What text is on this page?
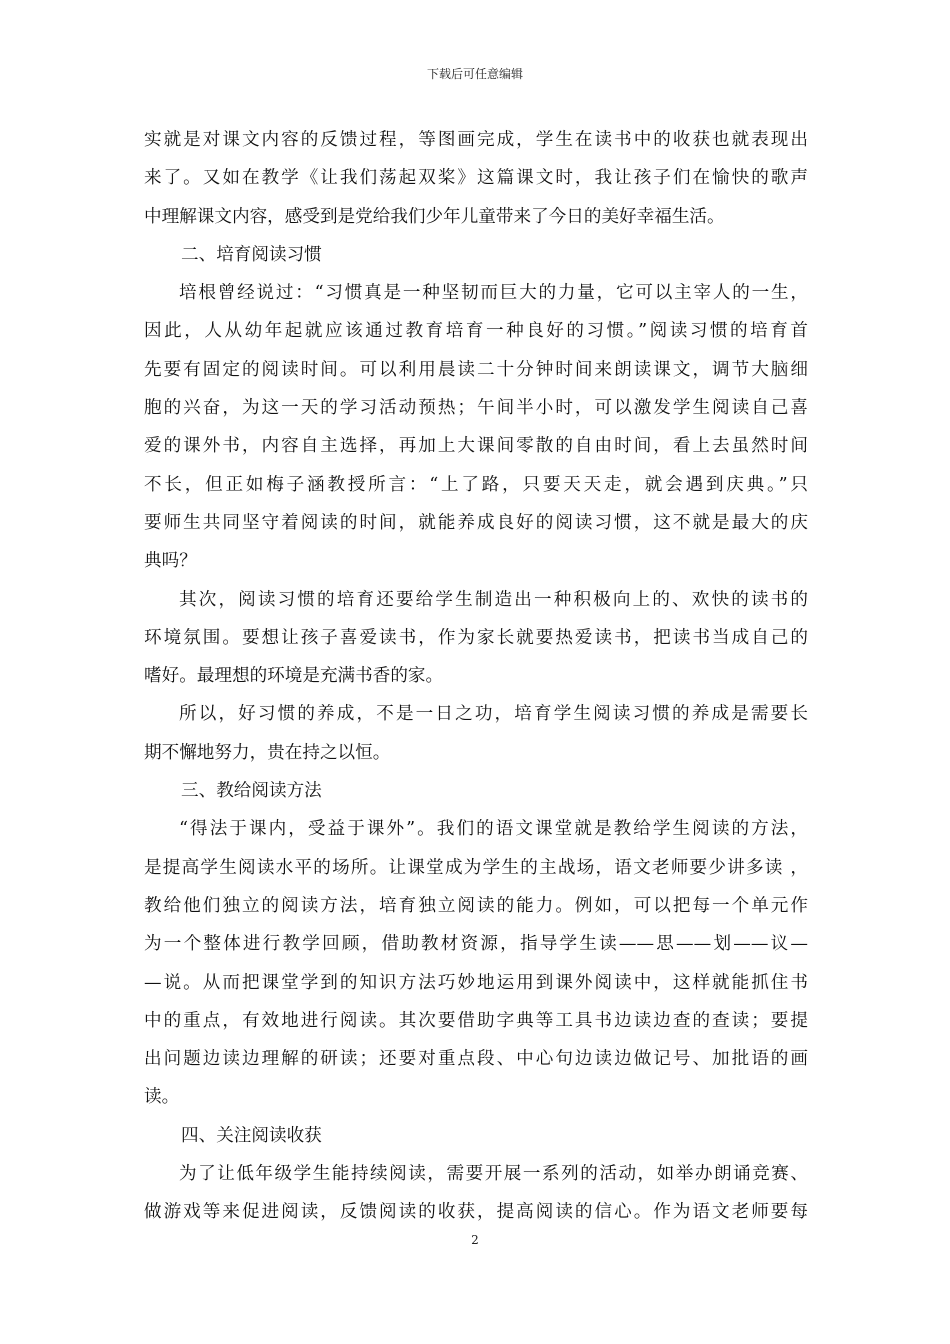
下载后可任意编辑
实就是对课文内容的反馈过程，等图画完成，学生在读书中的收获也就表现出
来了。又如在教学《让我们荡起双桨》这篇课文时，我让孩子们在愉快的歌声
中理解课文内容，感受到是党给我们少年儿童带来了今日的美好幸福生活。
二、培育阅读习惯
培根曾经说过：“习惯真是一种坚韧而巨大的力量，它可以主宰人的一生，
因此，人从幼年起就应该通过教育培育一种良好的习惯。”阅读习惯的培育首
先要有固定的阅读时间。可以利用晨读二十分钟时间来朗读课文，调节大脑细
胞的兴奋，为这一天的学习活动预热；午间半小时，可以激发学生阅读自己喜
爱的课外书，内容自主选择，再加上大课间零散的自由时间，看上去虽然时间
不长，但正如梅子涵教授所言：“上了路，只要天天走，就会遇到庆典。”只
要师生共同坚守着阅读的时间，就能养成良好的阅读习惯，这不就是最大的庆
典吗？
其次，阅读习惯的培育还要给学生制造出一种积极向上的、欢快的读书的
环境氛围。要想让孩子喜爱读书，作为家长就要热爱读书，把读书当成自己的
嗜好。最理想的环境是充满书香的家。
所以，好习惯的养成，不是一日之功，培育学生阅读习惯的养成是需要长
期不懈地努力，贵在持之以恒。
三、教给阅读方法
“得法于课内，受益于课外”。我们的语文课堂就是教给学生阅读的方法，
是提高学生阅读水平的场所。让课堂成为学生的主战场，语文老师要少讲多读 ，
教给他们独立的阅读方法，培育独立阅读的能力。例如，可以把每一个单元作
为一个整体进行教学回顾，借助教材资源，指导学生读——思——划——议—
—说。从而把课堂学到的知识方法巧妙地运用到课外阅读中，这样就能抓住书
中的重点，有效地进行阅读。其次要借助字典等工具书边读边查的查读；要提
出问题边读边理解的研读；还要对重点段、中心句边读边做记号、加批语的画
读。
四、关注阅读收获
为了让低年级学生能持续阅读，需要开展一系列的活动，如举办朗诵竞赛、
做游戏等来促进阅读，反馈阅读的收获，提高阅读的信心。作为语文老师要每
2
